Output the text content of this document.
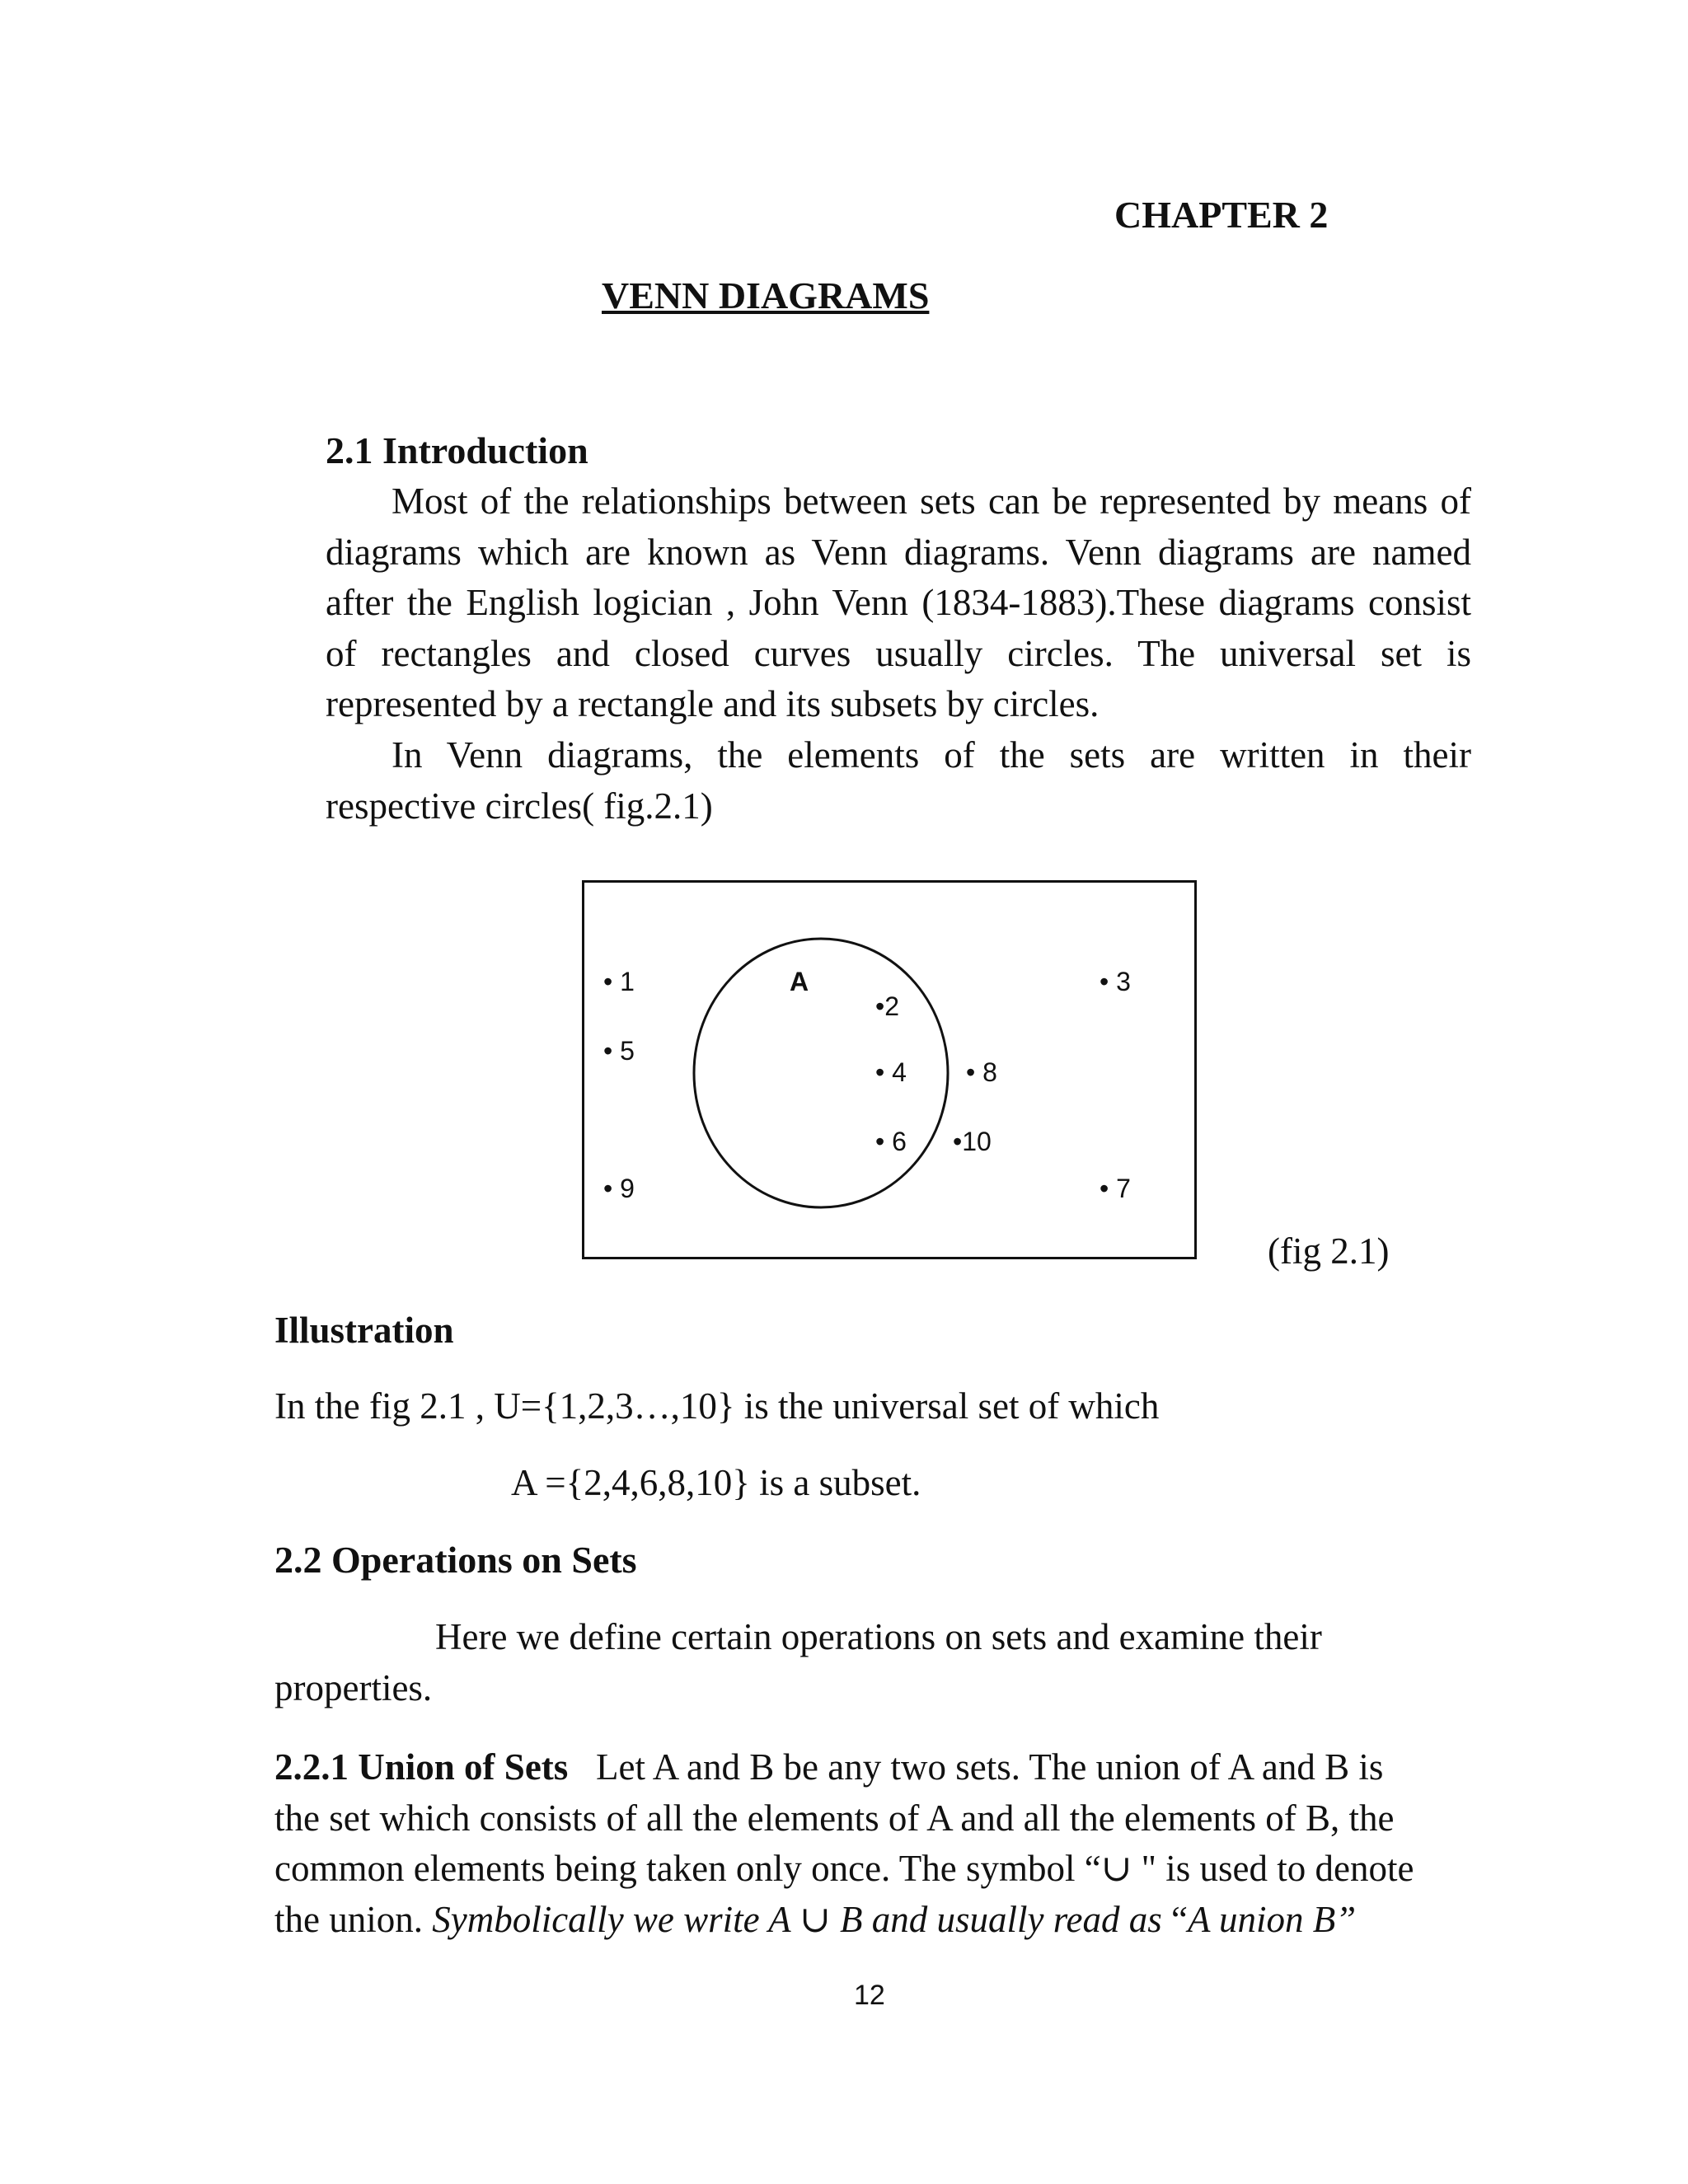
CHAPTER 2
VENN DIAGRAMS
2.1 Introduction
Most of the relationships between sets can be represented by means of
diagrams which are known as Venn diagrams. Venn diagrams are named
after the English logician , John Venn (1834-1883).These diagrams consist
of rectangles and closed curves usually circles. The universal set is
represented by a rectangle and its subsets by circles.
In Venn diagrams, the elements of the sets are written in their
respective circles( fig.2.1)
A
• 1
• 5
• 9
• 3
• 7
•2
• 4 • 8
• 6 •10
(fig 2.1)
Illustration
In the fig 2.1 , U={1,2,3…,10} is the universal set of which
A ={2,4,6,8,10} is a subset.
2.2 Operations on Sets
Here we define certain operations on sets and examine their
properties.
2.2.1 Union of Sets Let A and B be any two sets. The union of A and B is
the set which consists of all the elements of A and all the elements of B, the
common elements being taken only once. The symbol “∪ " is used to denote
the union. Symbolically we write A ∪ B and usually read as “A union B”
12
